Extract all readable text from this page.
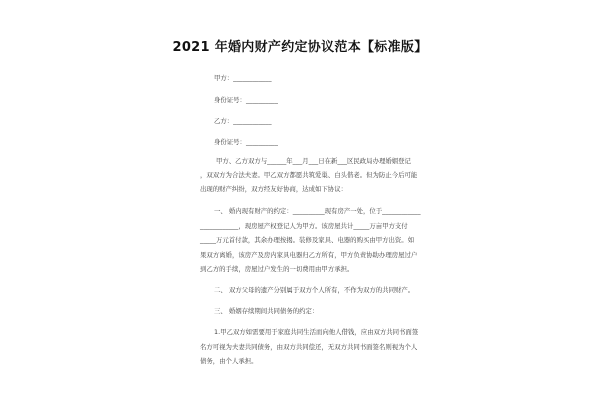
2021 年婚内财产约定协议范本【标准版】
甲方：____________
身份证号：__________
乙方：____________
身份证号：__________
甲方、乙方双方与______年___月___日在新___区民政局办理婚姻登记
，双双方为合法夫妻。甲乙双方都愿共筑爱巢、白头偕老。但为防止今后可能
出现的财产纠纷，双方经友好协商，达成如下协议：
一、 婚内现有财产的约定：__________现有房产一处，位于____________
____________，现房屋产权登记人为甲方。该房屋共计_____万亩甲方支付
_____万元首付款，其余办理按揭。装修及家具、电器的购买由甲方出资。如
果双方离婚，该房产及房内家具电器归乙方所有，甲方负责协助办理房屋过户
到乙方的手续，房屋过户发生的一切费用由甲方承担。
二、 双方父母的遗产分别属于双方个人所有，不作为双方的共同财产。
三、 婚姻存续期间共同债务的约定：
1.甲乙双方如需要用于家庭共同生活而向他人借钱，应由双方共同书面签
名方可视为夫妻共同债务，由双方共同偿还，无双方共同书面签名则视为个人
债务，由个人承担。
